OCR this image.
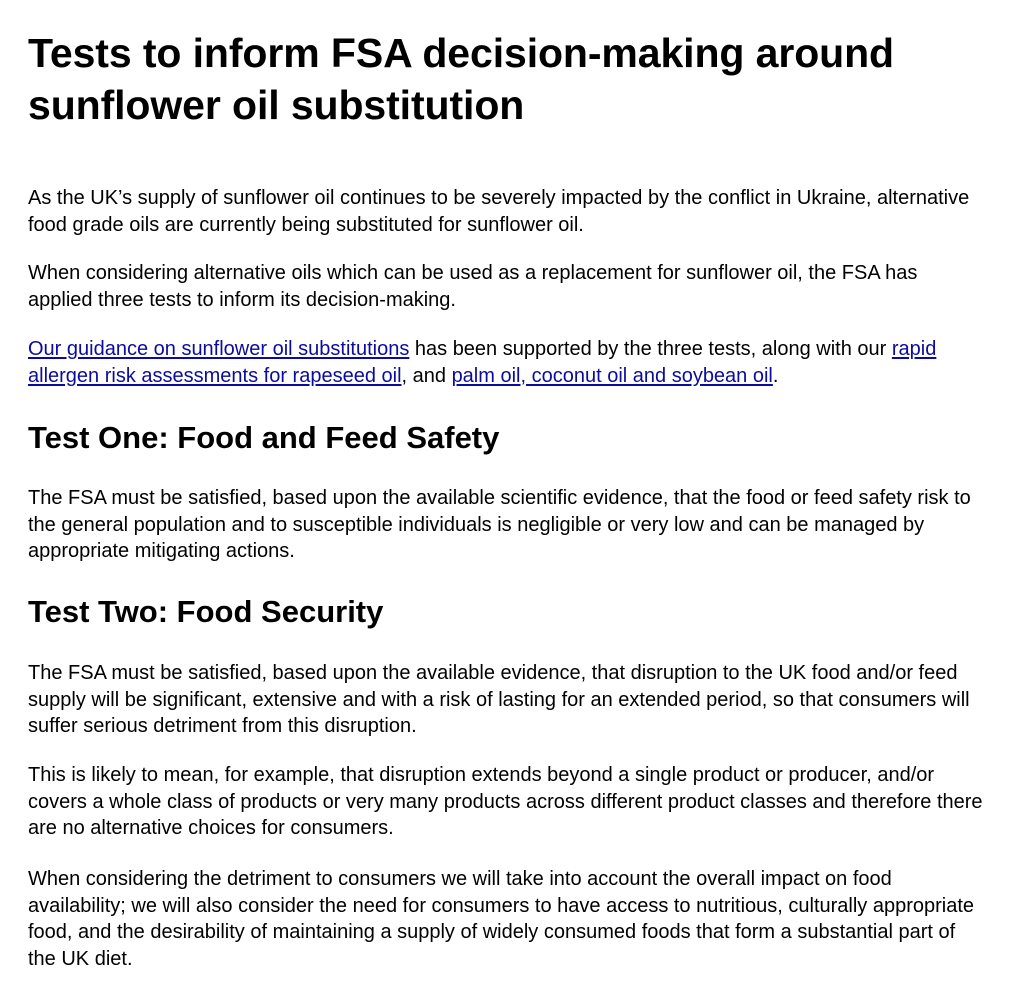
Tests to inform FSA decision-making around sunflower oil substitution

As the UK’s supply of sunflower oil continues to be severely impacted by the conflict in Ukraine, alternative food grade oils are currently being substituted for sunflower oil.

When considering alternative oils which can be used as a replacement for sunflower oil, the FSA has applied three tests to inform its decision-making.

Our guidance on sunflower oil substitutions has been supported by the three tests, along with our rapid allergen risk assessments for rapeseed oil, and palm oil, coconut oil and soybean oil.

Test One: Food and Feed Safety

The FSA must be satisfied, based upon the available scientific evidence, that the food or feed safety risk to the general population and to susceptible individuals is negligible or very low and can be managed by appropriate mitigating actions.

Test Two: Food Security

The FSA must be satisfied, based upon the available evidence, that disruption to the UK food and/or feed supply will be significant, extensive and with a risk of lasting for an extended period, so that consumers will suffer serious detriment from this disruption.

This is likely to mean, for example, that disruption extends beyond a single product or producer, and/or covers a whole class of products or very many products across different product classes and therefore there are no alternative choices for consumers.

When considering the detriment to consumers we will take into account the overall impact on food availability; we will also consider the need for consumers to have access to nutritious, culturally appropriate food, and the desirability of maintaining a supply of widely consumed foods that form a substantial part of the UK diet.
